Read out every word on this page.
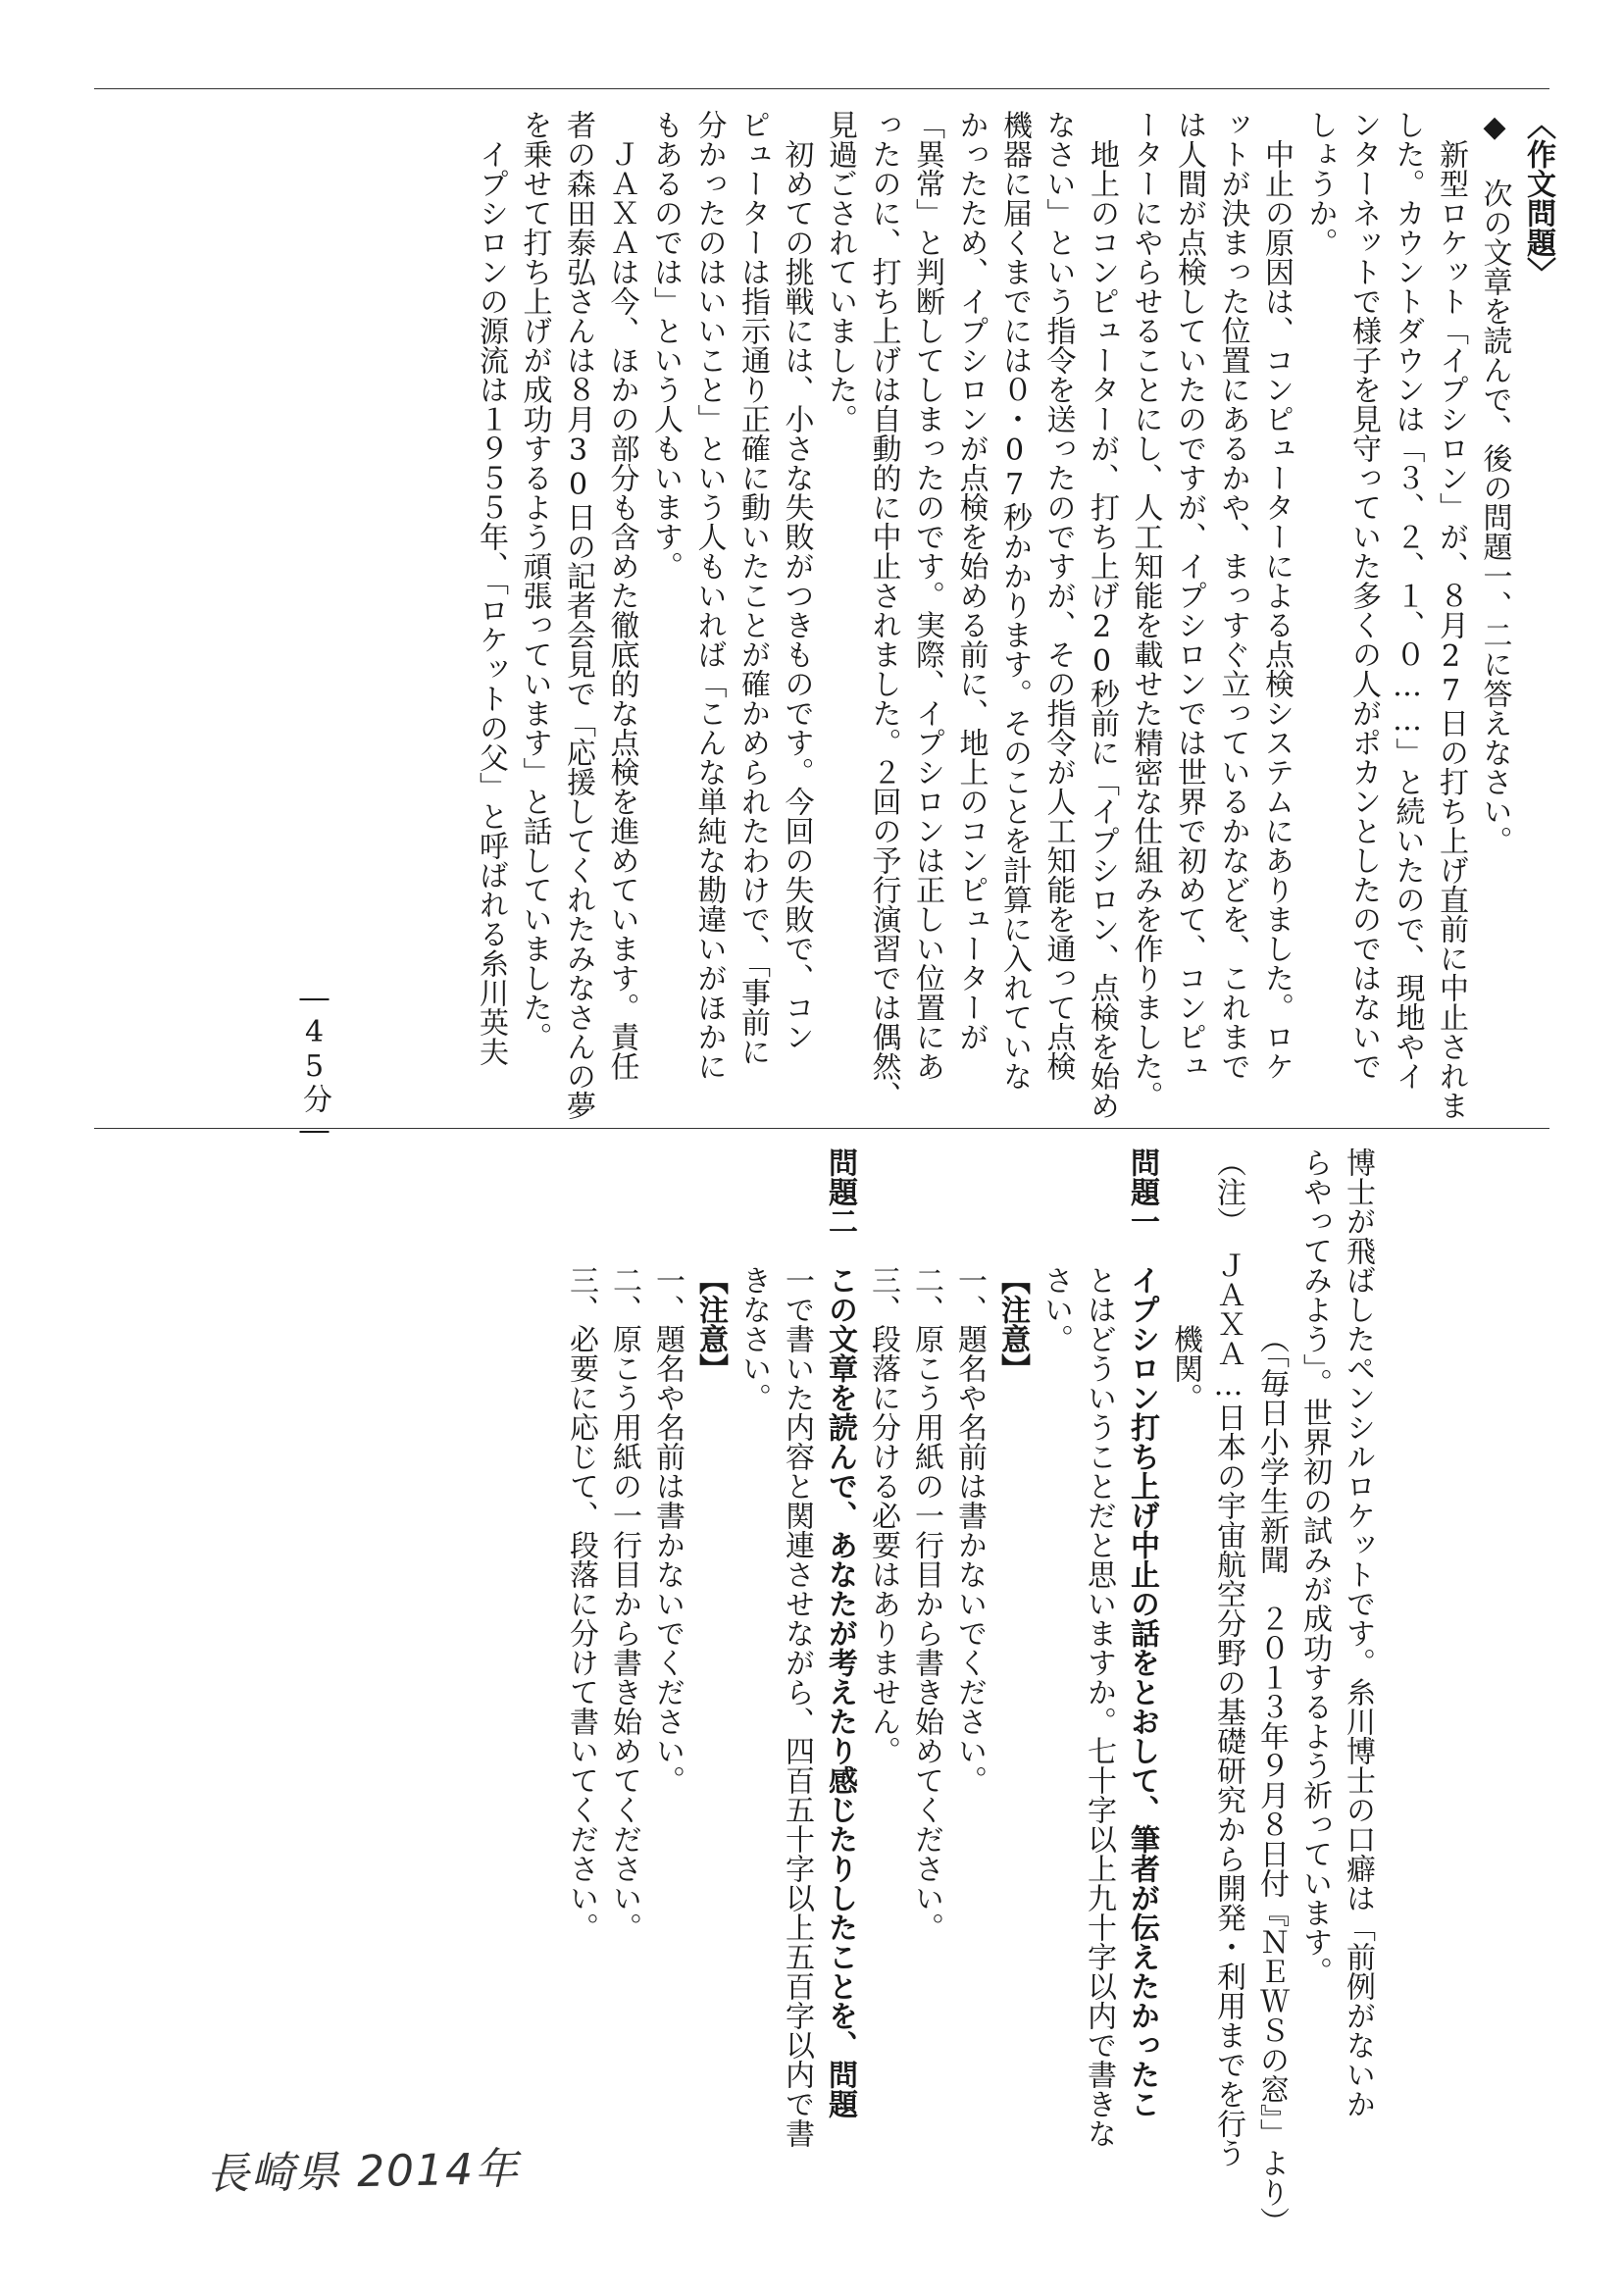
〈作文問題〉
◆ 次の文章を読んで、後の問題一、二に答えなさい。
新型ロケット「イプシロン」が、８月27日の打ち上げ直前に中止されま
した。カウントダウンは「３、２、１、０……」と続いたので、現地やイ
ンターネットで様子を見守っていた多くの人がポカンとしたのではないで
しょうか。
中止の原因は、コンピューターによる点検システムにありました。ロケ
ットが決まった位置にあるかや、まっすぐ立っているかなどを、これまで
は人間が点検していたのですが、イプシロンでは世界で初めて、コンピュ
ーターにやらせることにし、人工知能を載せた精密な仕組みを作りました。
地上のコンピューターが、打ち上げ20秒前に「イプシロン、点検を始め
なさい」という指令を送ったのですが、その指令が人工知能を通って点検
機器に届くまでには０・07秒かかります。そのことを計算に入れていな
かったため、イプシロンが点検を始める前に、地上のコンピューターが
「異常」と判断してしまったのです。実際、イプシロンは正しい位置にあ
ったのに、打ち上げは自動的に中止されました。２回の予行演習では偶然、
見過ごされていました。
初めての挑戦には、小さな失敗がつきものです。今回の失敗で、コン
ピューターは指示通り正確に動いたことが確かめられたわけで、「事前に
分かったのはいいこと」という人もいれば「こんな単純な勘違いがほかに
もあるのでは」という人もいます。
ＪＡＸＡは今、ほかの部分も含めた徹底的な点検を進めています。責任
者の森田泰弘さんは８月30日の記者会見で「応援してくれたみなさんの夢
を乗せて打ち上げが成功するよう頑張っています」と話していました。
イプシロンの源流は１９５５年、「ロケットの父」と呼ばれる糸川英夫
―45分―
博士が飛ばしたペンシルロケットです。糸川博士の口癖は「前例がないか
らやってみよう」。世界初の試みが成功するよう祈っています。
（「毎日小学生新聞　２０１３年９月８日付『ＮＥＷＳの窓』」より）
（注）　ＪＡＸＡ…日本の宇宙航空分野の基礎研究から開発・利用までを行う
機関。
問題一　イプシロン打ち上げ中止の話をとおして、筆者が伝えたかったこ
とはどういうことだと思いますか。七十字以上九十字以内で書きな
さい。
【注意】
一、題名や名前は書かないでください。
二、原こう用紙の一行目から書き始めてください。
三、段落に分ける必要はありません。
問題二　この文章を読んで、あなたが考えたり感じたりしたことを、問題
一で書いた内容と関連させながら、四百五十字以上五百字以内で書
きなさい。
【注意】
一、題名や名前は書かないでください。
二、原こう用紙の一行目から書き始めてください。
三、必要に応じて、段落に分けて書いてください。
長崎県 2014年
